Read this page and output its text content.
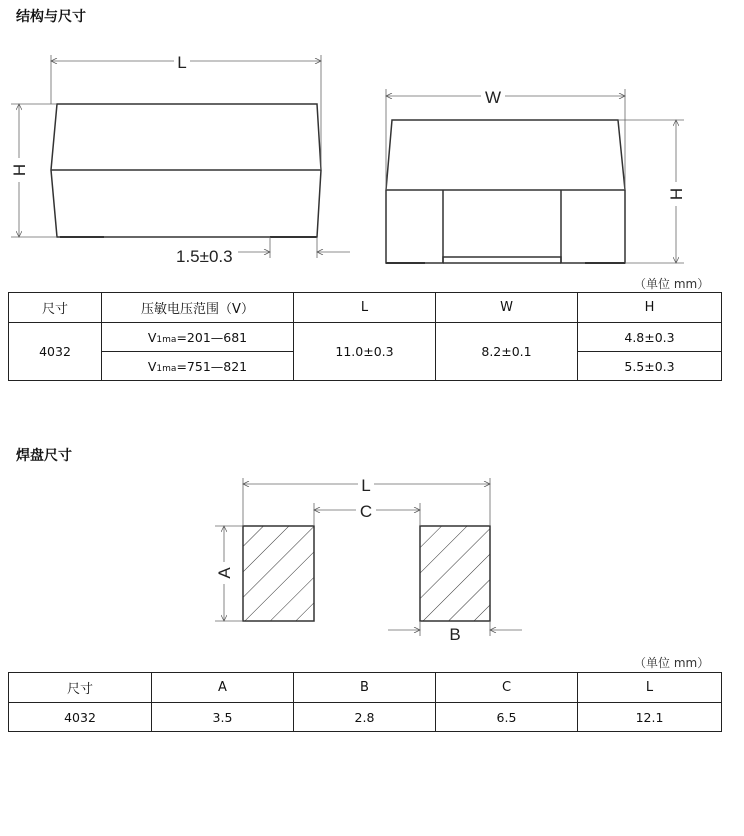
结构与尺寸
L
H
1.5±0.3
W
H
L
C
A
B
（单位 mm）
尺寸	压敏电压范围（V）	L	W	H
4032	V1ma=201—681	11.0±0.3	8.2±0.1	4.8±0.3
	V1ma=751—821			5.5±0.3
焊盘尺寸
（单位 mm）
尺寸	A	B	C	L
4032	3.5	2.8	6.5	12.1
